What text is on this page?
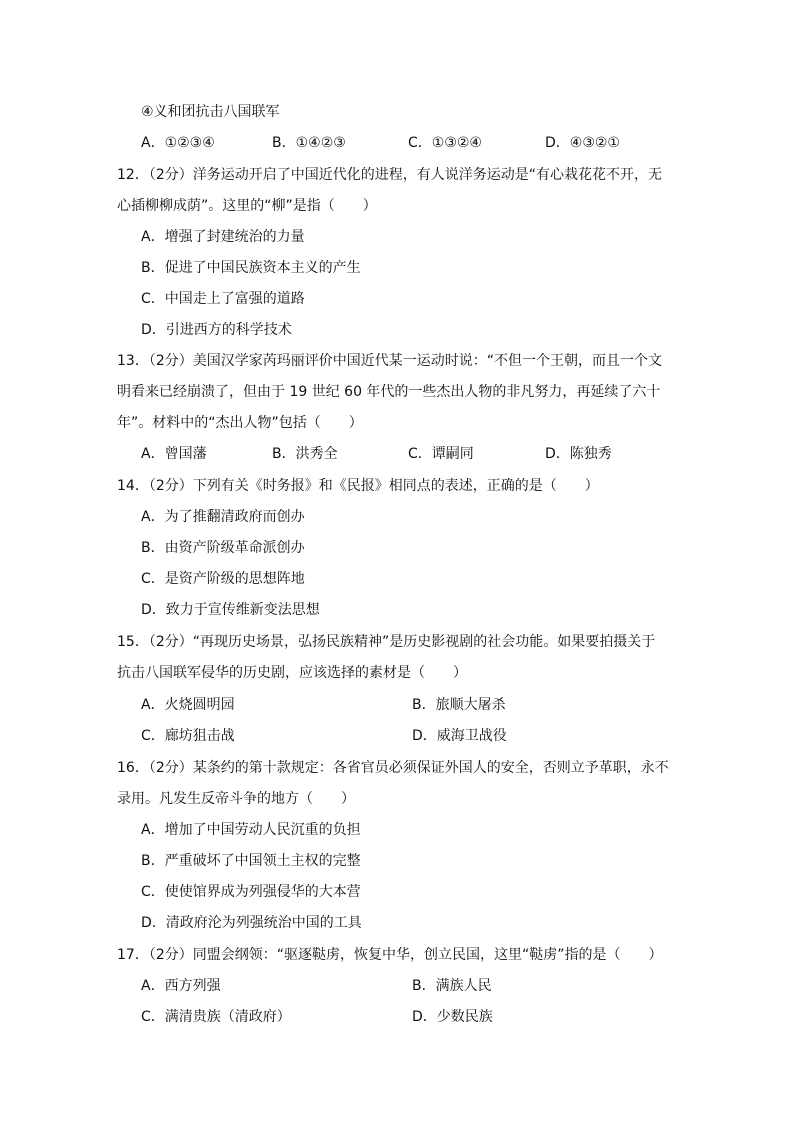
④义和团抗击八国联军
A．①②③④	B．①④②③	C．①③②④	D．④③②①
12．（2分）洋务运动开启了中国近代化的进程，有人说洋务运动是“有心栽花花不开，无
心插柳柳成荫”。这里的“柳”是指（　　）
A．增强了封建统治的力量
B．促进了中国民族资本主义的产生
C．中国走上了富强的道路
D．引进西方的科学技术
13．（2分）美国汉学家芮玛丽评价中国近代某一运动时说：“不但一个王朝，而且一个文
明看来已经崩溃了，但由于 19 世纪 60 年代的一些杰出人物的非凡努力，再延续了六十
年”。材料中的“杰出人物”包括（　　）
A．曾国藩	B．洪秀全	C．谭嗣同	D．陈独秀
14．（2分）下列有关《时务报》和《民报》相同点的表述，正确的是（　　）
A．为了推翻清政府而创办
B．由资产阶级革命派创办
C．是资产阶级的思想阵地
D．致力于宣传维新变法思想
15．（2分）“再现历史场景，弘扬民族精神”是历史影视剧的社会功能。如果要拍摄关于
抗击八国联军侵华的历史剧，应该选择的素材是（　　）
A．火烧圆明园	B．旅顺大屠杀
C．廊坊狙击战	D．威海卫战役
16．（2分）某条约的第十款规定：各省官员必须保证外国人的安全，否则立予革职，永不
录用。凡发生反帝斗争的地方（　　）
A．增加了中国劳动人民沉重的负担
B．严重破坏了中国领土主权的完整
C．使使馆界成为列强侵华的大本营
D．清政府沦为列强统治中国的工具
17．（2分）同盟会纲领：“驱逐鞑虏，恢复中华，创立民国，这里“鞑虏”指的是（　　）
A．西方列强	B．满族人民
C．满清贵族（清政府）	D．少数民族
